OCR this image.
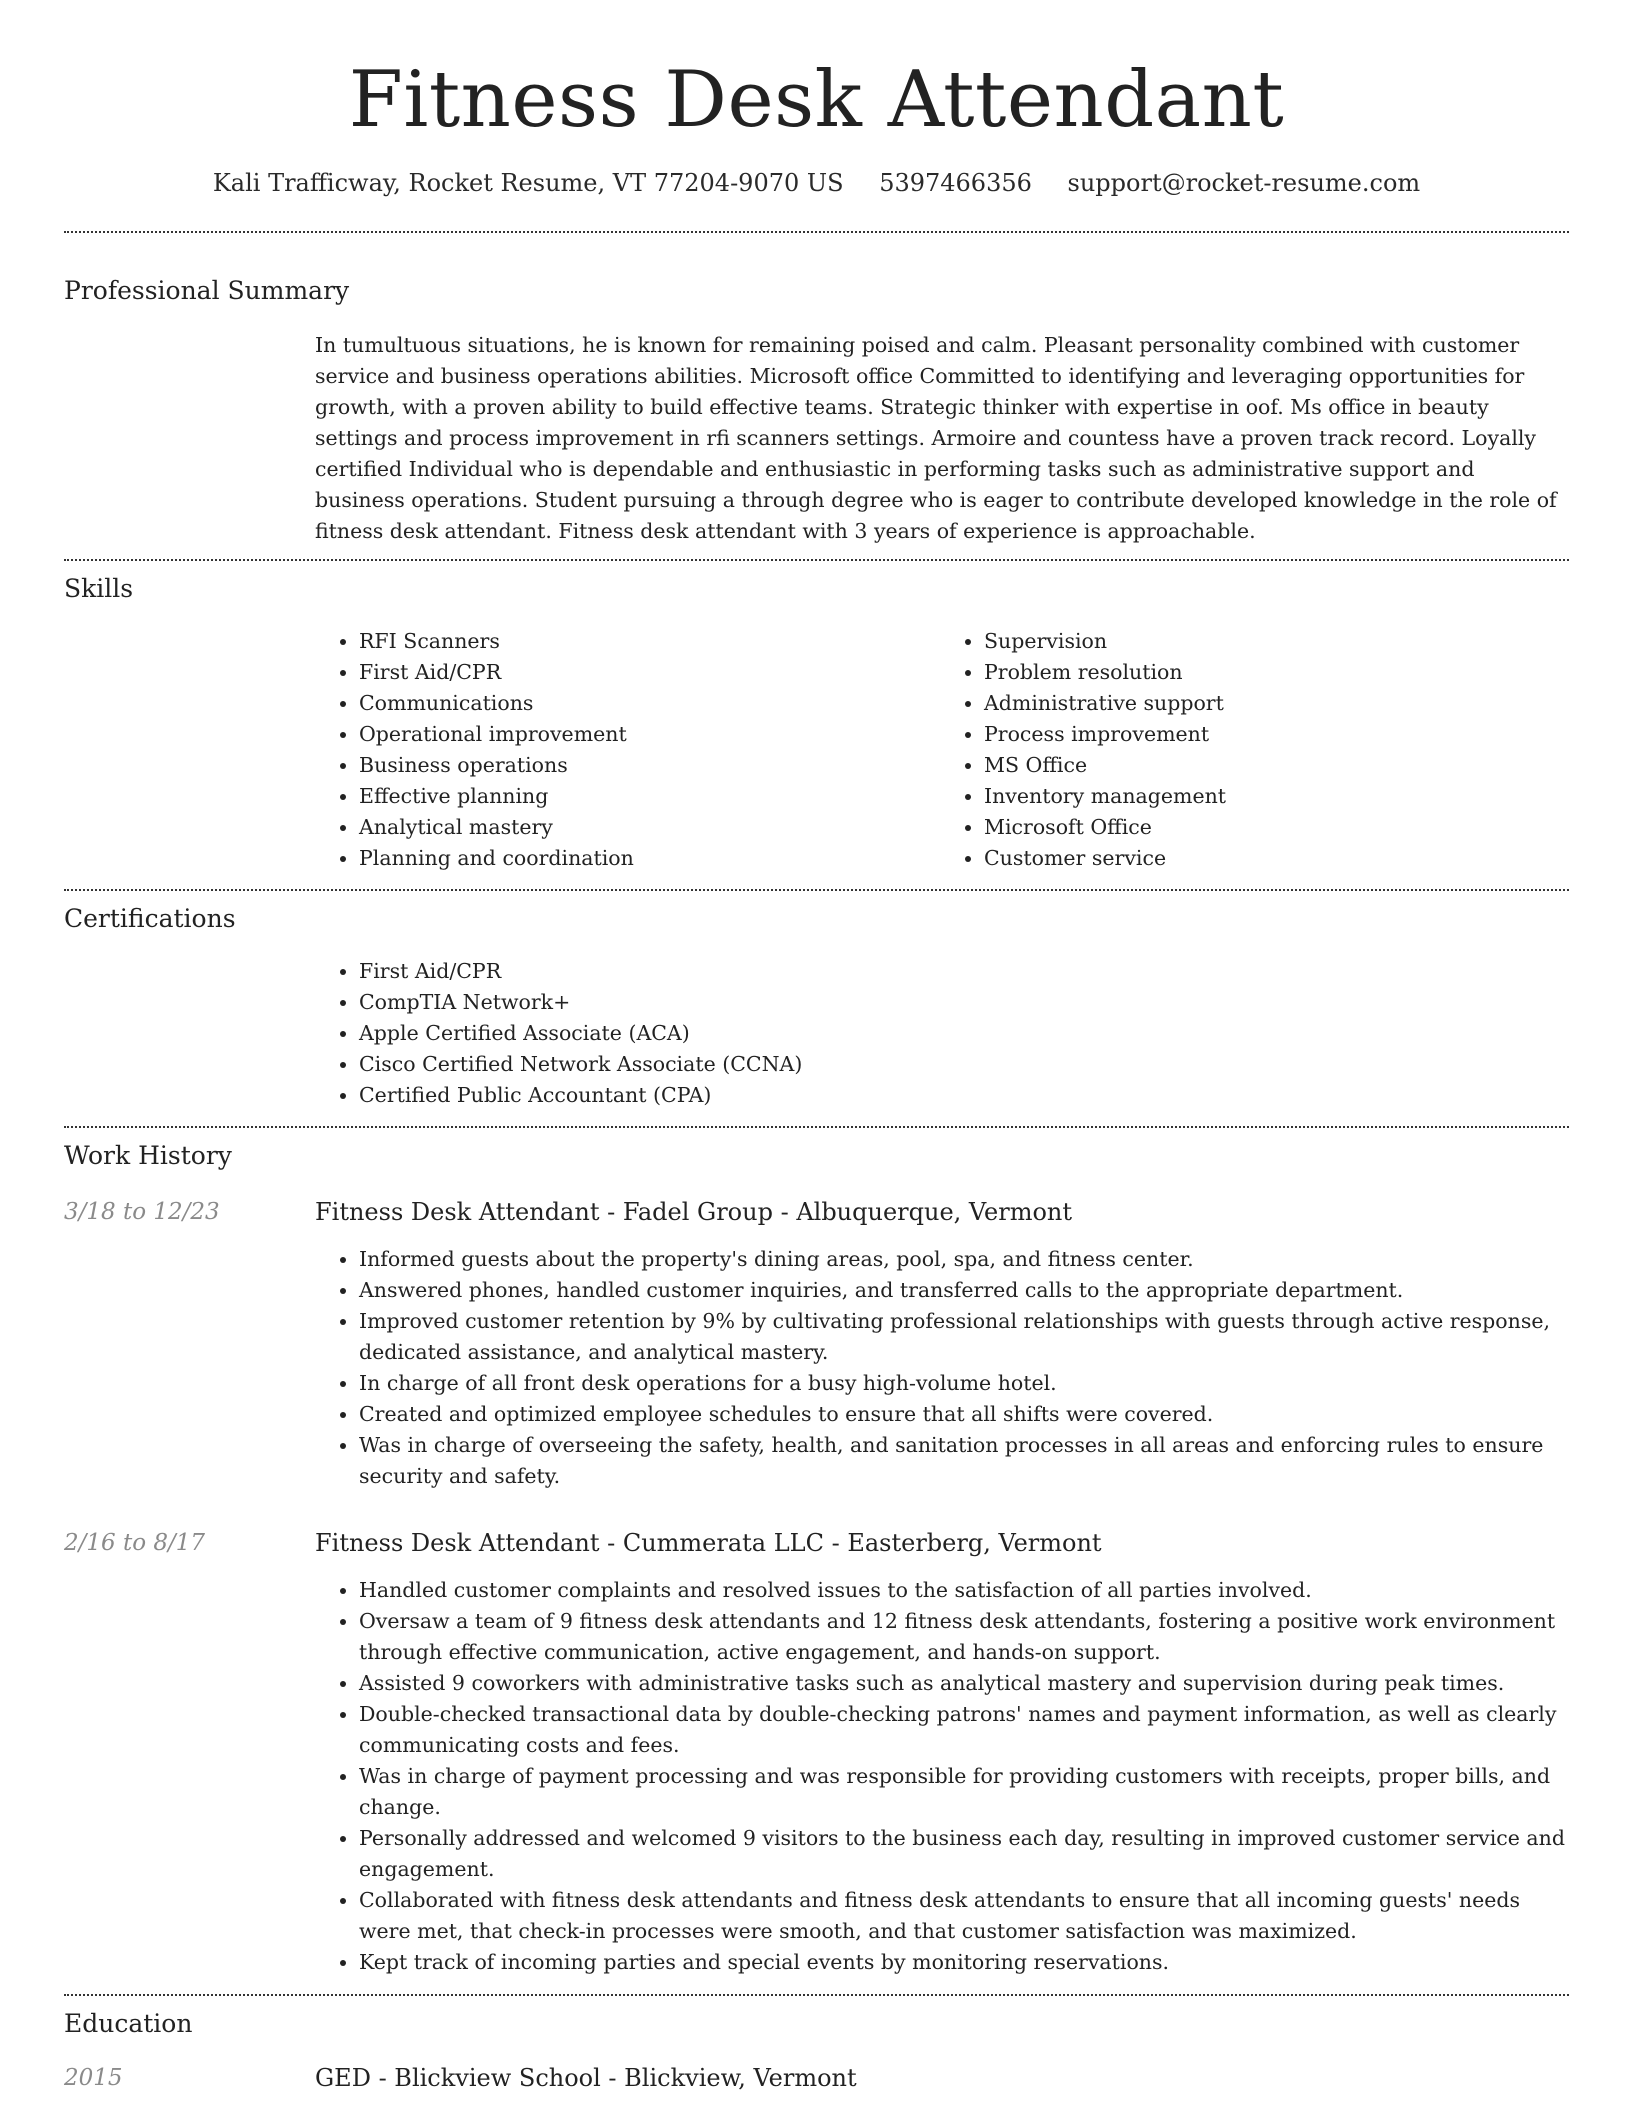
Fitness Desk Attendant
Kali Trafficway, Rocket Resume, VT 77204-9070 US 5397466356 support@rocket-resume.com
Professional Summary

In tumultuous situations, he is known for remaining poised and calm. Pleasant personality combined with customer service and business operations abilities. Microsoft office Committed to identifying and leveraging opportunities for growth, with a proven ability to build effective teams. Strategic thinker with expertise in oof. Ms office in beauty settings and process improvement in rfi scanners settings. Armoire and countess have a proven track record. Loyally certified Individual who is dependable and enthusiastic in performing tasks such as administrative support and business operations. Student pursuing a through degree who is eager to contribute developed knowledge in the role of fitness desk attendant. Fitness desk attendant with 3 years of experience is approachable.

Skills
• RFI Scanners
• First Aid/CPR
• Communications
• Operational improvement
• Business operations
• Effective planning
• Analytical mastery
• Planning and coordination
• Supervision
• Problem resolution
• Administrative support
• Process improvement
• MS Office
• Inventory management
• Microsoft Office
• Customer service
Certifications
• First Aid/CPR
• CompTIA Network+
• Apple Certified Associate (ACA)
• Cisco Certified Network Associate (CCNA)
• Certified Public Accountant (CPA)
Work History
3/18 to 12/23	Fitness Desk Attendant - Fadel Group - Albuquerque, Vermont

• Informed guests about the property's dining areas, pool, spa, and fitness center.
• Answered phones, handled customer inquiries, and transferred calls to the appropriate department.
• Improved customer retention by 9% by cultivating professional relationships with guests through active response, dedicated assistance, and analytical mastery.
• In charge of all front desk operations for a busy high-volume hotel.
• Created and optimized employee schedules to ensure that all shifts were covered.
• Was in charge of overseeing the safety, health, and sanitation processes in all areas and enforcing rules to ensure security and safety.
2/16 to 8/17	Fitness Desk Attendant - Cummerata LLC - Easterberg, Vermont

• Handled customer complaints and resolved issues to the satisfaction of all parties involved.
• Oversaw a team of 9 fitness desk attendants and 12 fitness desk attendants, fostering a positive work environment through effective communication, active engagement, and hands-on support.
• Assisted 9 coworkers with administrative tasks such as analytical mastery and supervision during peak times.
• Double-checked transactional data by double-checking patrons' names and payment information, as well as clearly communicating costs and fees.
• Was in charge of payment processing and was responsible for providing customers with receipts, proper bills, and change.
• Personally addressed and welcomed 9 visitors to the business each day, resulting in improved customer service and engagement.
• Collaborated with fitness desk attendants and fitness desk attendants to ensure that all incoming guests' needs were met, that check-in processes were smooth, and that customer satisfaction was maximized.
• Kept track of incoming parties and special events by monitoring reservations.
Education
2015	GED - Blickview School - Blickview, Vermont
